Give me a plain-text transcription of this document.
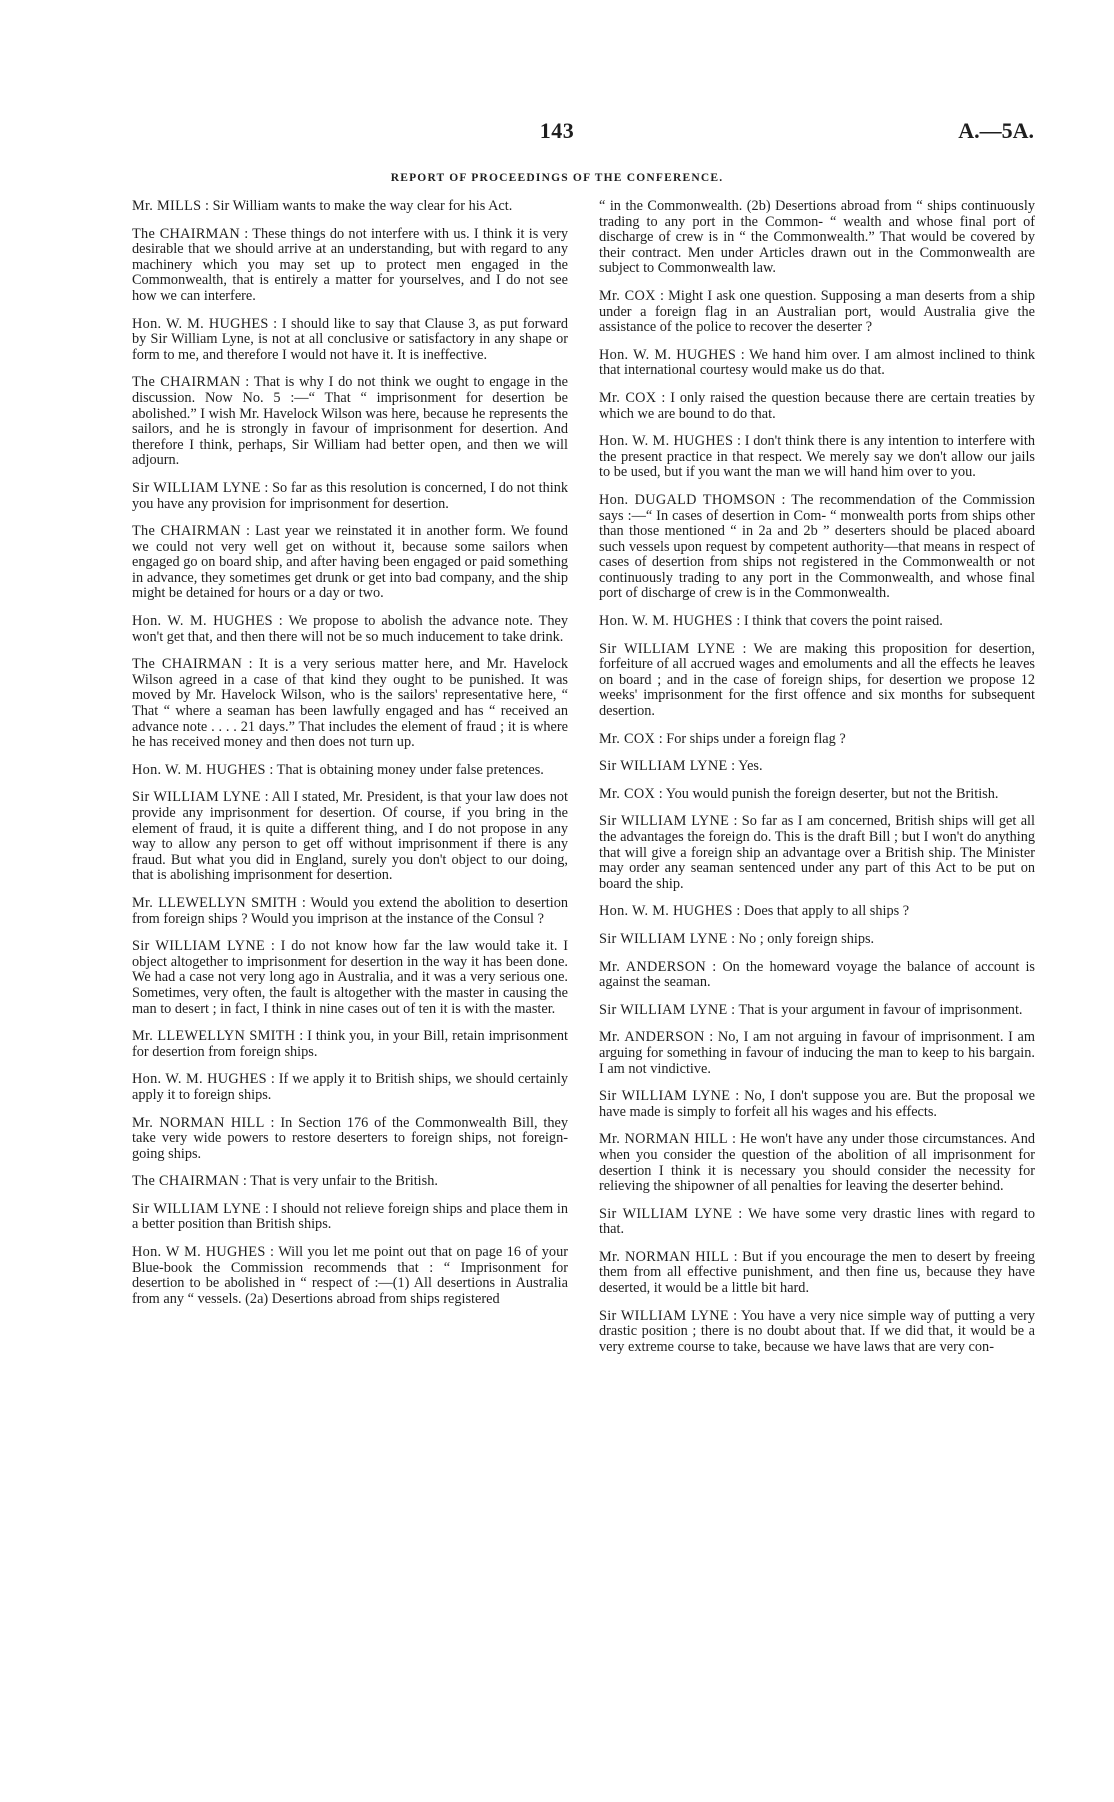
143	A.—5A.
REPORT OF PROCEEDINGS OF THE CONFERENCE.

Mr. MILLS : Sir William wants to make the way clear for his Act.

The CHAIRMAN : These things do not interfere with us. I think it is very desirable that we should arrive at an understanding, but with regard to any machinery which you may set up to protect men engaged in the Commonwealth, that is entirely a matter for yourselves, and I do not see how we can interfere.

Hon. W. M. HUGHES : I should like to say that Clause 3, as put forward by Sir William Lyne, is not at all conclusive or satisfactory in any shape or form to me, and therefore I would not have it. It is ineffective.

The CHAIRMAN : That is why I do not think we ought to engage in the discussion. Now No. 5 :—“ That “ imprisonment for desertion be abolished.” I wish Mr. Havelock Wilson was here, because he represents the sailors, and he is strongly in favour of imprisonment for desertion. And therefore I think, perhaps, Sir William had better open, and then we will adjourn.

Sir WILLIAM LYNE : So far as this resolution is concerned, I do not think you have any provision for imprisonment for desertion.

The CHAIRMAN : Last year we reinstated it in another form. We found we could not very well get on without it, because some sailors when engaged go on board ship, and after having been engaged or paid something in advance, they sometimes get drunk or get into bad company, and the ship might be detained for hours or a day or two.

Hon. W. M. HUGHES : We propose to abolish the advance note. They won't get that, and then there will not be so much inducement to take drink.

The CHAIRMAN : It is a very serious matter here, and Mr. Havelock Wilson agreed in a case of that kind they ought to be punished. It was moved by Mr. Havelock Wilson, who is the sailors' representative here, “ That “ where a seaman has been lawfully engaged and has “ received an advance note . . . . 21 days.” That includes the element of fraud ; it is where he has received money and then does not turn up.

Hon. W. M. HUGHES : That is obtaining money under false pretences.

Sir WILLIAM LYNE : All I stated, Mr. President, is that your law does not provide any imprisonment for desertion. Of course, if you bring in the element of fraud, it is quite a different thing, and I do not propose in any way to allow any person to get off without imprisonment if there is any fraud. But what you did in England, surely you don't object to our doing, that is abolishing imprisonment for desertion.

Mr. LLEWELLYN SMITH : Would you extend the abolition to desertion from foreign ships ? Would you imprison at the instance of the Consul ?

Sir WILLIAM LYNE : I do not know how far the law would take it. I object altogether to imprisonment for desertion in the way it has been done. We had a case not very long ago in Australia, and it was a very serious one. Sometimes, very often, the fault is altogether with the master in causing the man to desert ; in fact, I think in nine cases out of ten it is with the master.

Mr. LLEWELLYN SMITH : I think you, in your Bill, retain imprisonment for desertion from foreign ships.

Hon. W. M. HUGHES : If we apply it to British ships, we should certainly apply it to foreign ships.

Mr. NORMAN HILL : In Section 176 of the Commonwealth Bill, they take very wide powers to restore deserters to foreign ships, not foreign-going ships.

The CHAIRMAN : That is very unfair to the British.

Sir WILLIAM LYNE : I should not relieve foreign ships and place them in a better position than British ships.

Hon. W M. HUGHES : Will you let me point out that on page 16 of your Blue-book the Commission recommends that : “ Imprisonment for desertion to be abolished in “ respect of :—(1) All desertions in Australia from any “ vessels. (2a) Desertions abroad from ships registered

“ in the Commonwealth. (2b) Desertions abroad from “ ships continuously trading to any port in the Common- “ wealth and whose final port of discharge of crew is in “ the Commonwealth.” That would be covered by their contract. Men under Articles drawn out in the Commonwealth are subject to Commonwealth law.

Mr. COX : Might I ask one question. Supposing a man deserts from a ship under a foreign flag in an Australian port, would Australia give the assistance of the police to recover the deserter ?

Hon. W. M. HUGHES : We hand him over. I am almost inclined to think that international courtesy would make us do that.

Mr. COX : I only raised the question because there are certain treaties by which we are bound to do that.

Hon. W. M. HUGHES : I don't think there is any intention to interfere with the present practice in that respect. We merely say we don't allow our jails to be used, but if you want the man we will hand him over to you.

Hon. DUGALD THOMSON : The recommendation of the Commission says :—“ In cases of desertion in Com- “ monwealth ports from ships other than those mentioned “ in 2a and 2b ” deserters should be placed aboard such vessels upon request by competent authority—that means in respect of cases of desertion from ships not registered in the Commonwealth or not continuously trading to any port in the Commonwealth, and whose final port of discharge of crew is in the Commonwealth.

Hon. W. M. HUGHES : I think that covers the point raised.

Sir WILLIAM LYNE : We are making this proposition for desertion, forfeiture of all accrued wages and emoluments and all the effects he leaves on board ; and in the case of foreign ships, for desertion we propose 12 weeks' imprisonment for the first offence and six months for subsequent desertion.

Mr. COX : For ships under a foreign flag ?

Sir WILLIAM LYNE : Yes.

Mr. COX : You would punish the foreign deserter, but not the British.

Sir WILLIAM LYNE : So far as I am concerned, British ships will get all the advantages the foreign do. This is the draft Bill ; but I won't do anything that will give a foreign ship an advantage over a British ship. The Minister may order any seaman sentenced under any part of this Act to be put on board the ship.

Hon. W. M. HUGHES : Does that apply to all ships ?

Sir WILLIAM LYNE : No ; only foreign ships.

Mr. ANDERSON : On the homeward voyage the balance of account is against the seaman.

Sir WILLIAM LYNE : That is your argument in favour of imprisonment.

Mr. ANDERSON : No, I am not arguing in favour of imprisonment. I am arguing for something in favour of inducing the man to keep to his bargain. I am not vindictive.

Sir WILLIAM LYNE : No, I don't suppose you are. But the proposal we have made is simply to forfeit all his wages and his effects.

Mr. NORMAN HILL : He won't have any under those circumstances. And when you consider the question of the abolition of all imprisonment for desertion I think it is necessary you should consider the necessity for relieving the shipowner of all penalties for leaving the deserter behind.

Sir WILLIAM LYNE : We have some very drastic lines with regard to that.

Mr. NORMAN HILL : But if you encourage the men to desert by freeing them from all effective punishment, and then fine us, because they have deserted, it would be a little bit hard.

Sir WILLIAM LYNE : You have a very nice simple way of putting a very drastic position ; there is no doubt about that. If we did that, it would be a very extreme course to take, because we have laws that are very con-
